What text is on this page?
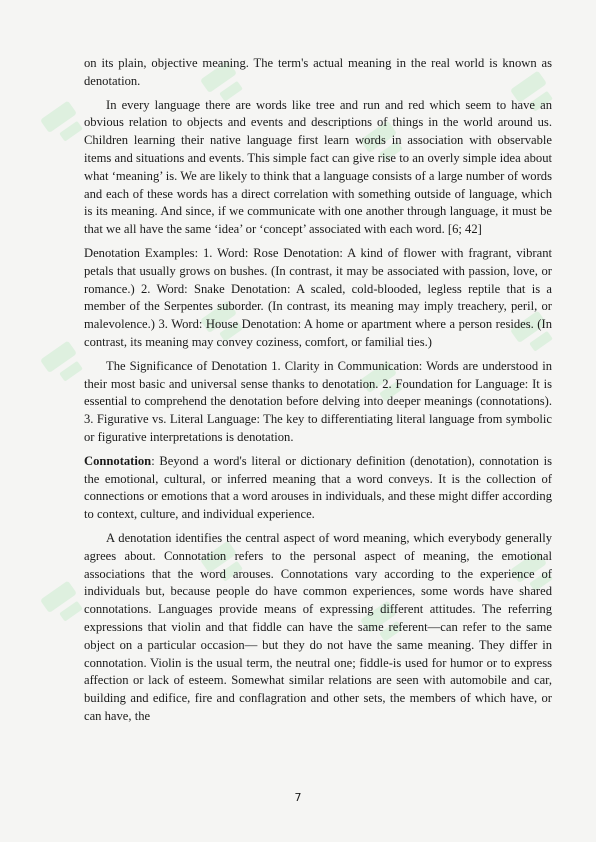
on its plain, objective meaning. The term's actual meaning in the real world is known as denotation.

In every language there are words like tree and run and red which seem to have an obvious relation to objects and events and descriptions of things in the world around us. Children learning their native language first learn words in association with observable items and situations and events. This simple fact can give rise to an overly simple idea about what ‘meaning’ is. We are likely to think that a language consists of a large number of words and each of these words has a direct correlation with something outside of language, which is its meaning. And since, if we communicate with one another through language, it must be that we all have the same ‘idea’ or ‘concept’ associated with each word. [6; 42]

Denotation Examples: 1. Word: Rose Denotation: A kind of flower with fragrant, vibrant petals that usually grows on bushes. (In contrast, it may be associated with passion, love, or romance.) 2. Word: Snake Denotation: A scaled, cold-blooded, legless reptile that is a member of the Serpentes suborder. (In contrast, its meaning may imply treachery, peril, or malevolence.) 3. Word: House Denotation: A home or apartment where a person resides. (In contrast, its meaning may convey coziness, comfort, or familial ties.)

The Significance of Denotation 1. Clarity in Communication: Words are understood in their most basic and universal sense thanks to denotation. 2. Foundation for Language: It is essential to comprehend the denotation before delving into deeper meanings (connotations). 3. Figurative vs. Literal Language: The key to differentiating literal language from symbolic or figurative interpretations is denotation.

Connotation: Beyond a word's literal or dictionary definition (denotation), connotation is the emotional, cultural, or inferred meaning that a word conveys. It is the collection of connections or emotions that a word arouses in individuals, and these might differ according to context, culture, and individual experience.

A denotation identifies the central aspect of word meaning, which everybody generally agrees about. Connotation refers to the personal aspect of meaning, the emotional associations that the word arouses. Connotations vary according to the experience of individuals but, because people do have common experiences, some words have shared connotations. Languages provide means of expressing different attitudes. The referring expressions that violin and that fiddle can have the same referent—can refer to the same object on a particular occasion— but they do not have the same meaning. They differ in connotation. Violin is the usual term, the neutral one; fiddle-is used for humor or to express affection or lack of esteem. Somewhat similar relations are seen with automobile and car, building and edifice, fire and conflagration and other sets, the members of which have, or can have, the

7
